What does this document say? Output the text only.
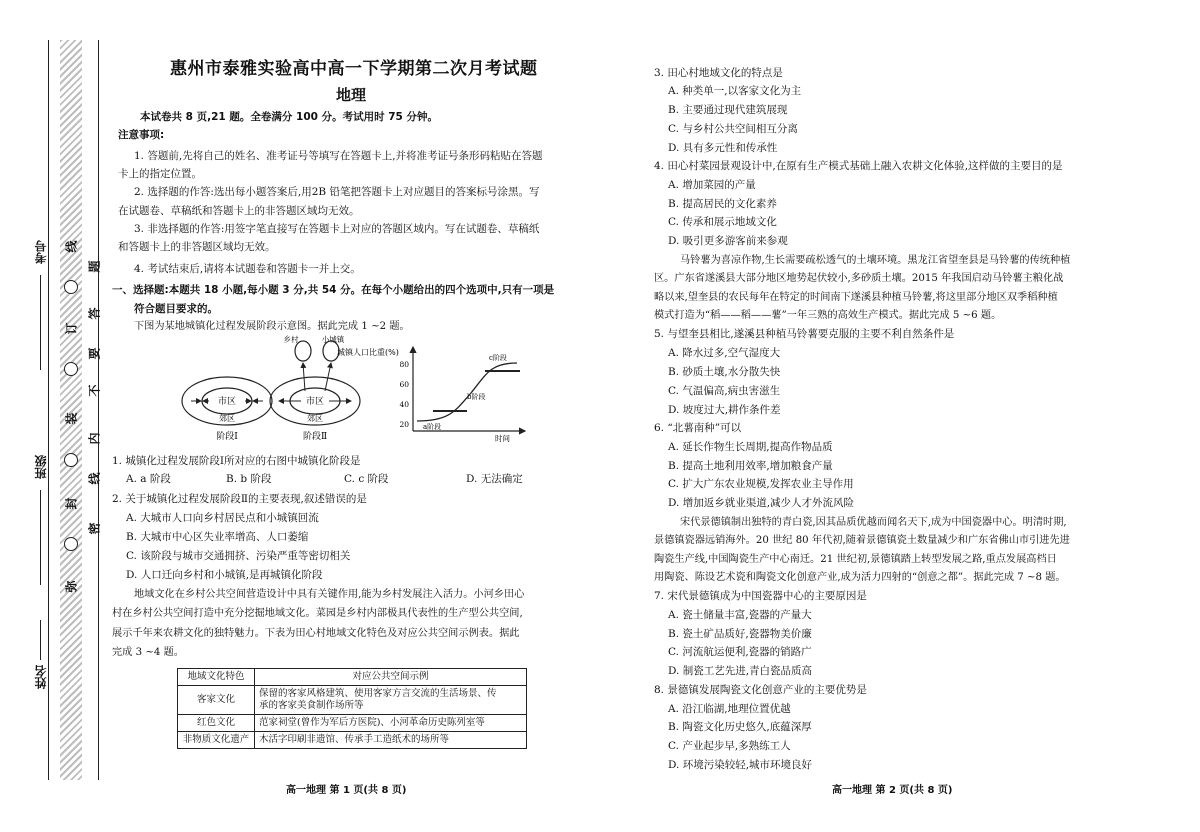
考号
班级
姓名
线
题
订
答
要
装
不
内
封
线
密
弥
惠州市泰雅实验高中高一下学期第二次月考试题
地理
本试卷共 8 页,21 题。全卷满分 100 分。考试用时 75 分钟。
注意事项:
1. 答题前,先将自己的姓名、准考证号等填写在答题卡上,并将准考证号条形码粘贴在答题
卡上的指定位置。
2. 选择题的作答:选出每小题答案后,用2B 铅笔把答题卡上对应题目的答案标号涂黑。写
在试题卷、草稿纸和答题卡上的非答题区域均无效。
3. 非选择题的作答:用签字笔直接写在答题卡上对应的答题区域内。写在试题卷、草稿纸
和答题卡上的非答题区域均无效。
4. 考试结束后,请将本试题卷和答题卡一并上交。
一、选择题:本题共 18 小题,每小题 3 分,共 54 分。在每个小题给出的四个选项中,只有一项是
符合题目要求的。
下图为某地城镇化过程发展阶段示意图。据此完成 1 ~2 题。
市区
郊区
阶段Ⅰ
乡村	小城镇
市区
郊区
阶段Ⅱ
城镇人口比重(%)
80
60
40
20 a阶段
b阶段
c阶段
时间
1. 城镇化过程发展阶段Ⅰ所对应的右图中城镇化阶段是
A. a 阶段	B. b 阶段	C. c 阶段	D. 无法确定
2. 关于城镇化过程发展阶段Ⅱ的主要表现,叙述错误的是
A. 大城市人口向乡村居民点和小城镇回流
B. 大城市中心区失业率增高、人口萎缩
C. 该阶段与城市交通拥挤、污染严重等密切相关
D. 人口迁向乡村和小城镇,是再城镇化阶段
地域文化在乡村公共空间营造设计中具有关键作用,能为乡村发展注入活力。小河乡田心
村在乡村公共空间打造中充分挖掘地域文化。菜园是乡村内部极具代表性的生产型公共空间,
展示千年来农耕文化的独特魅力。下表为田心村地域文化特色及对应公共空间示例表。据此
完成 3 ~4 题。
地域文化特色	对应公共空间示例
客家文化	保留的客家风格建筑、使用客家方言交流的生活场景、传
承的客家美食制作场所等

红色文化	范家祠堂(曾作为军后方医院)、小河革命历史陈列室等
非物质文化遗产	木活字印刷非遗馆、传承手工造纸术的场所等
高一地理 第 1 页(共 8 页)
3. 田心村地域文化的特点是
A. 种类单一,以客家文化为主
B. 主要通过现代建筑展现
C. 与乡村公共空间相互分离
D. 具有多元性和传承性
4. 田心村菜园景观设计中,在原有生产模式基础上融入农耕文化体验,这样做的主要目的是
A. 增加菜园的产量
B. 提高居民的文化素养
C. 传承和展示地域文化
D. 吸引更多游客前来参观
马铃薯为喜凉作物,生长需要疏松透气的土壤环境。黑龙江省望奎县是马铃薯的传统种植
区。广东省遂溪县大部分地区地势起伏较小,多砂质土壤。2015 年我国启动马铃薯主粮化战
略以来,望奎县的农民每年在特定的时间南下遂溪县种植马铃薯,将这里部分地区双季稻种植
模式打造为“稻——稻——薯”一年三熟的高效生产模式。据此完成 5 ~6 题。
5. 与望奎县相比,遂溪县种植马铃薯要克服的主要不利自然条件是
A. 降水过多,空气湿度大
B. 砂质土壤,水分散失快
C. 气温偏高,病虫害滋生
D. 坡度过大,耕作条件差
6. “北薯南种”可以
A. 延长作物生长周期,提高作物品质
B. 提高土地利用效率,增加粮食产量
C. 扩大广东农业规模,发挥农业主导作用
D. 增加返乡就业渠道,减少人才外流风险
宋代景德镇制出独特的青白瓷,因其品质优越而闻名天下,成为中国瓷器中心。明清时期,
景德镇瓷器远销海外。20 世纪 80 年代初,随着景德镇瓷土数量减少和广东省佛山市引进先进
陶瓷生产线,中国陶瓷生产中心南迁。21 世纪初,景德镇踏上转型发展之路,重点发展高档日
用陶瓷、陈设艺术瓷和陶瓷文化创意产业,成为活力四射的“创意之都”。据此完成 7 ~8 题。
7. 宋代景德镇成为中国瓷器中心的主要原因是
A. 瓷土储量丰富,瓷器的产量大
B. 瓷土矿品质好,瓷器物美价廉
C. 河流航运便利,瓷器的销路广
D. 制瓷工艺先进,青白瓷品质高
8. 景德镇发展陶瓷文化创意产业的主要优势是
A. 沿江临湖,地理位置优越
B. 陶瓷文化历史悠久,底蕴深厚
C. 产业起步早,多熟练工人
D. 环境污染较轻,城市环境良好
高一地理 第 2 页(共 8 页)
